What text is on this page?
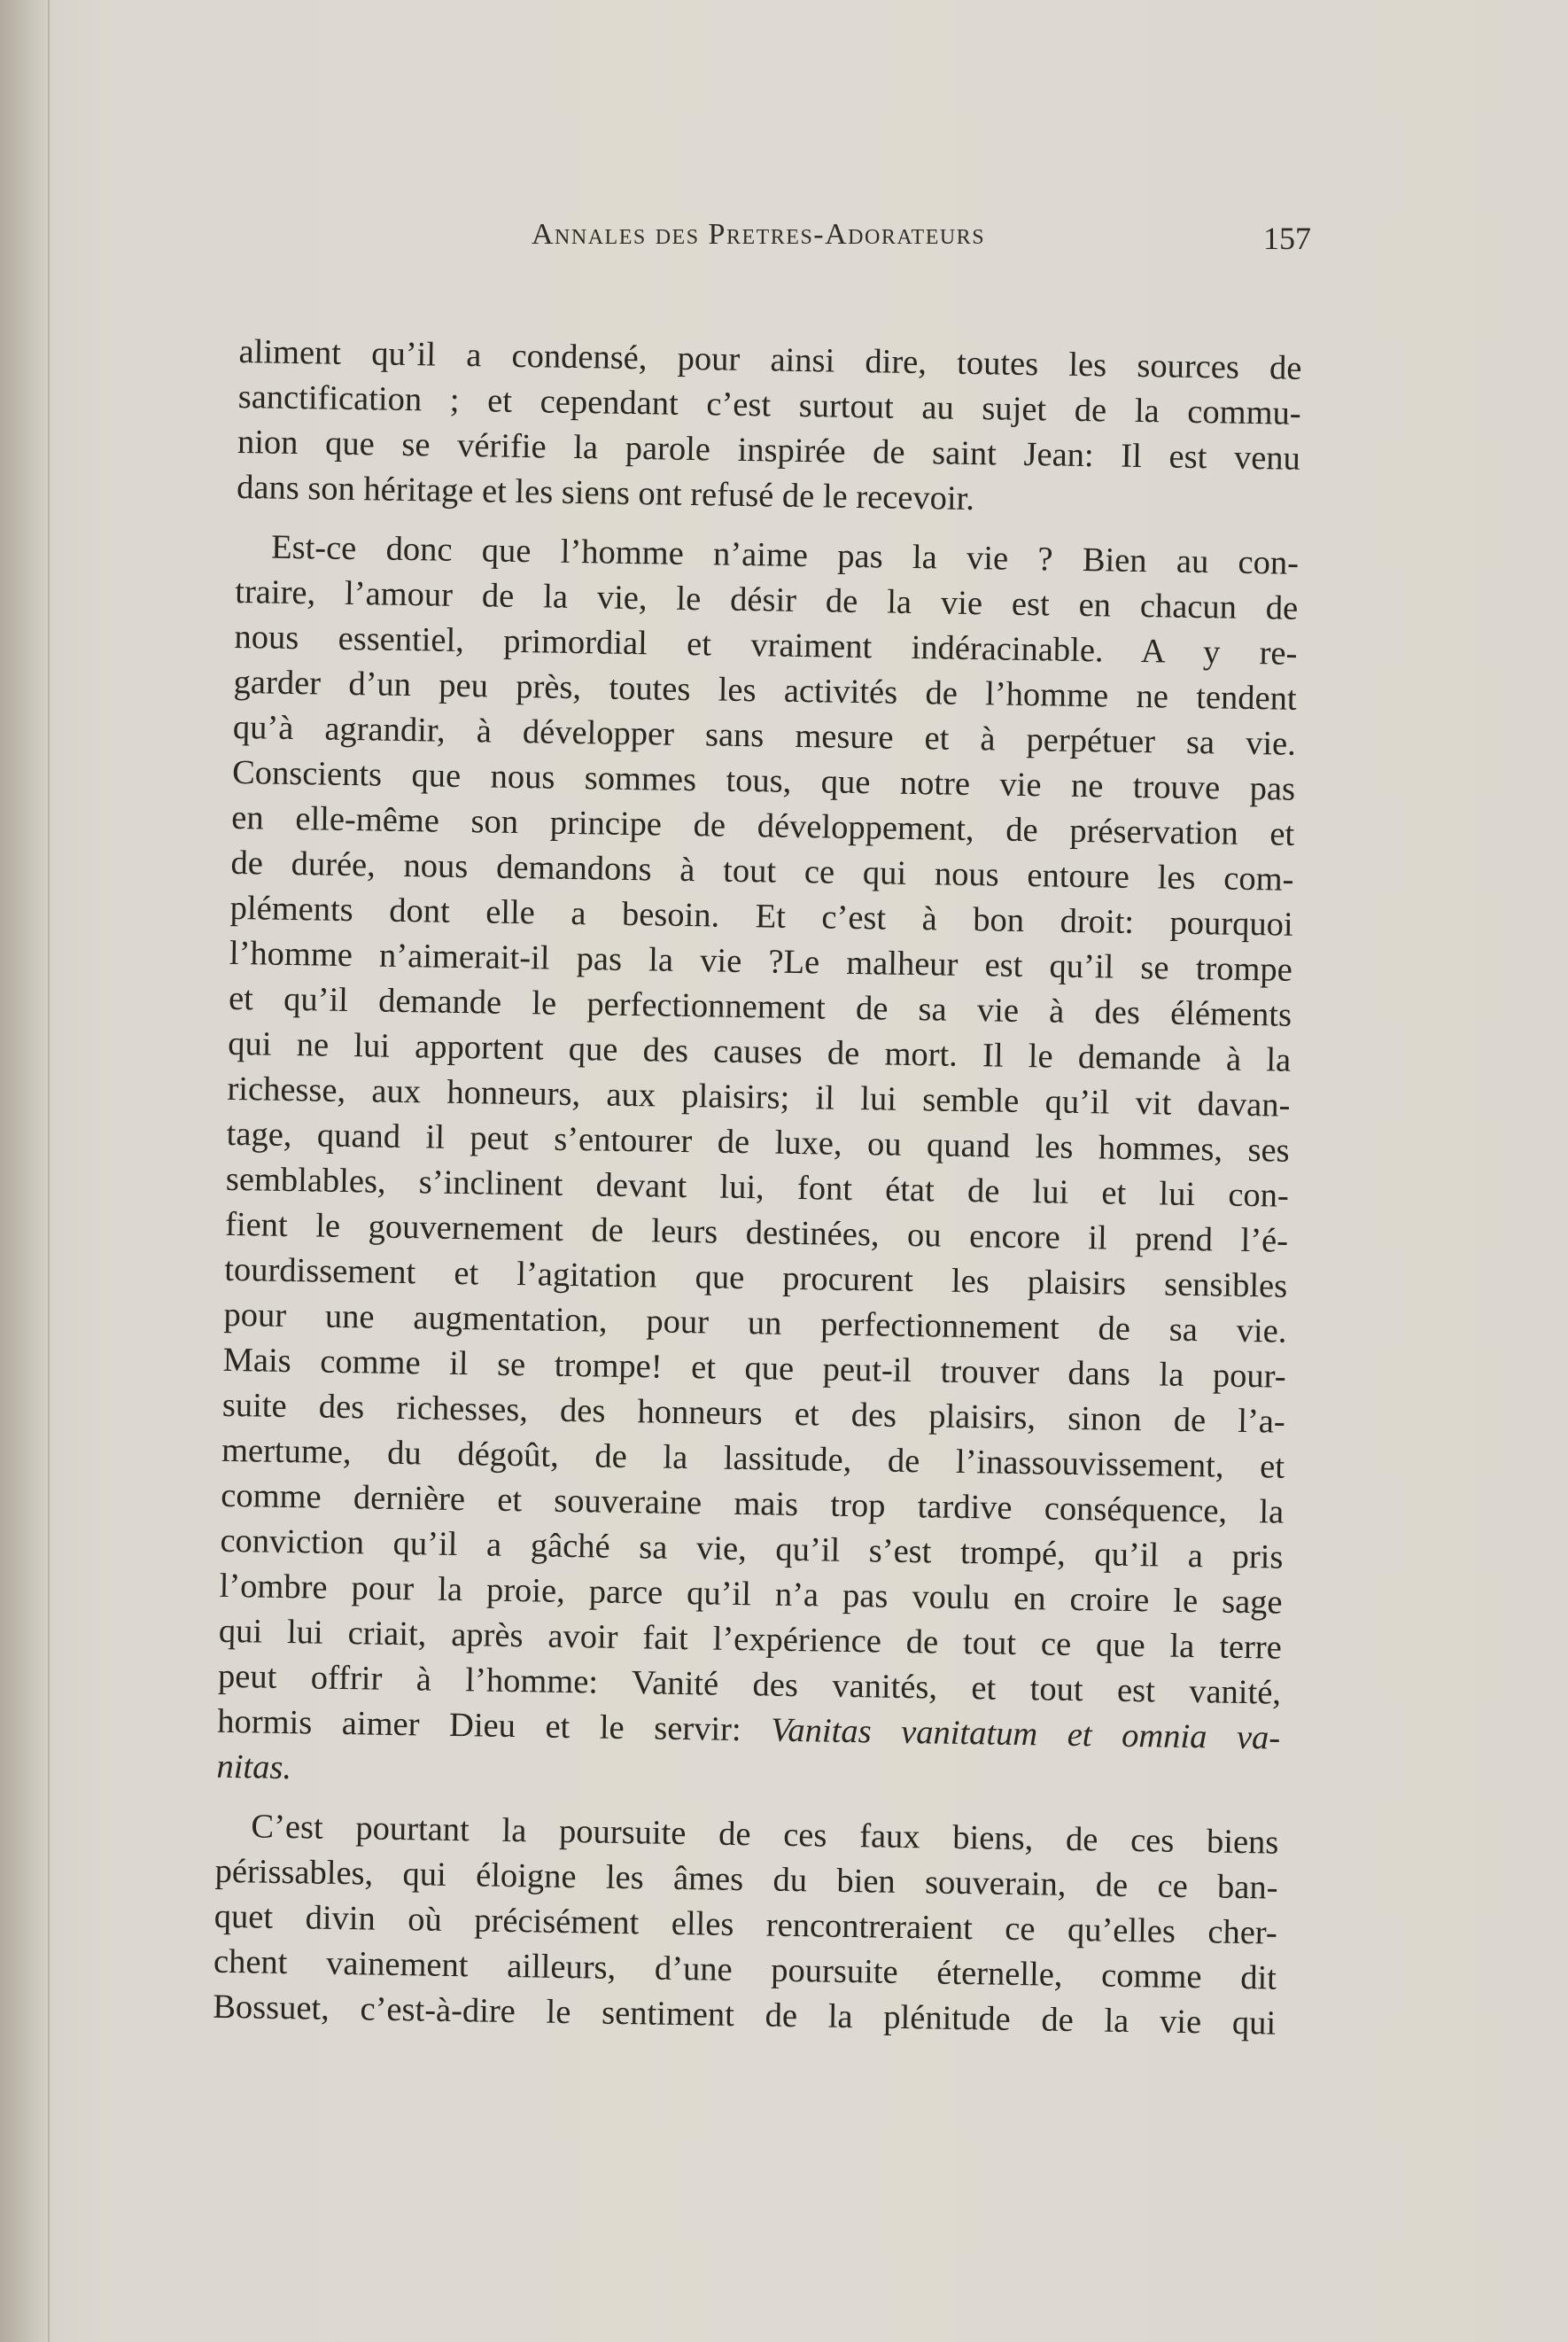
Annales des Pretres-Adorateurs	157

aliment qu’il a condensé, pour ainsi dire, toutes les sources de
sanctification ; et cependant c’est surtout au sujet de la commu-
nion que se vérifie la parole inspirée de saint Jean: Il est venu
dans son héritage et les siens ont refusé de le recevoir.

Est-ce donc que l’homme n’aime pas la vie ? Bien au con-
traire, l’amour de la vie, le désir de la vie est en chacun de
nous essentiel, primordial et vraiment indéracinable. A y re-
garder d’un peu près, toutes les activités de l’homme ne tendent
qu’à agrandir, à développer sans mesure et à perpétuer sa vie.
Conscients que nous sommes tous, que notre vie ne trouve pas
en elle-même son principe de développement, de préservation et
de durée, nous demandons à tout ce qui nous entoure les com-
pléments dont elle a besoin. Et c’est à bon droit: pourquoi
l’homme n’aimerait-il pas la vie ?Le malheur est qu’il se trompe
et qu’il demande le perfectionnement de sa vie à des éléments
qui ne lui apportent que des causes de mort. Il le demande à la
richesse, aux honneurs, aux plaisirs; il lui semble qu’il vit davan-
tage, quand il peut s’entourer de luxe, ou quand les hommes, ses
semblables, s’inclinent devant lui, font état de lui et lui con-
fient le gouvernement de leurs destinées, ou encore il prend l’é-
tourdissement et l’agitation que procurent les plaisirs sensibles
pour une augmentation, pour un perfectionnement de sa vie.
Mais comme il se trompe! et que peut-il trouver dans la pour-
suite des richesses, des honneurs et des plaisirs, sinon de l’a-
mertume, du dégoût, de la lassitude, de l’inassouvissement, et
comme dernière et souveraine mais trop tardive conséquence, la
conviction qu’il a gâché sa vie, qu’il s’est trompé, qu’il a pris
l’ombre pour la proie, parce qu’il n’a pas voulu en croire le sage
qui lui criait, après avoir fait l’expérience de tout ce que la terre
peut offrir à l’homme: Vanité des vanités, et tout est vanité,
hormis aimer Dieu et le servir: Vanitas vanitatum et omnia va-
nitas.

C’est pourtant la poursuite de ces faux biens, de ces biens
périssables, qui éloigne les âmes du bien souverain, de ce ban-
quet divin où précisément elles rencontreraient ce qu’elles cher-
chent vainement ailleurs, d’une poursuite éternelle, comme dit
Bossuet, c’est-à-dire le sentiment de la plénitude de la vie qui
